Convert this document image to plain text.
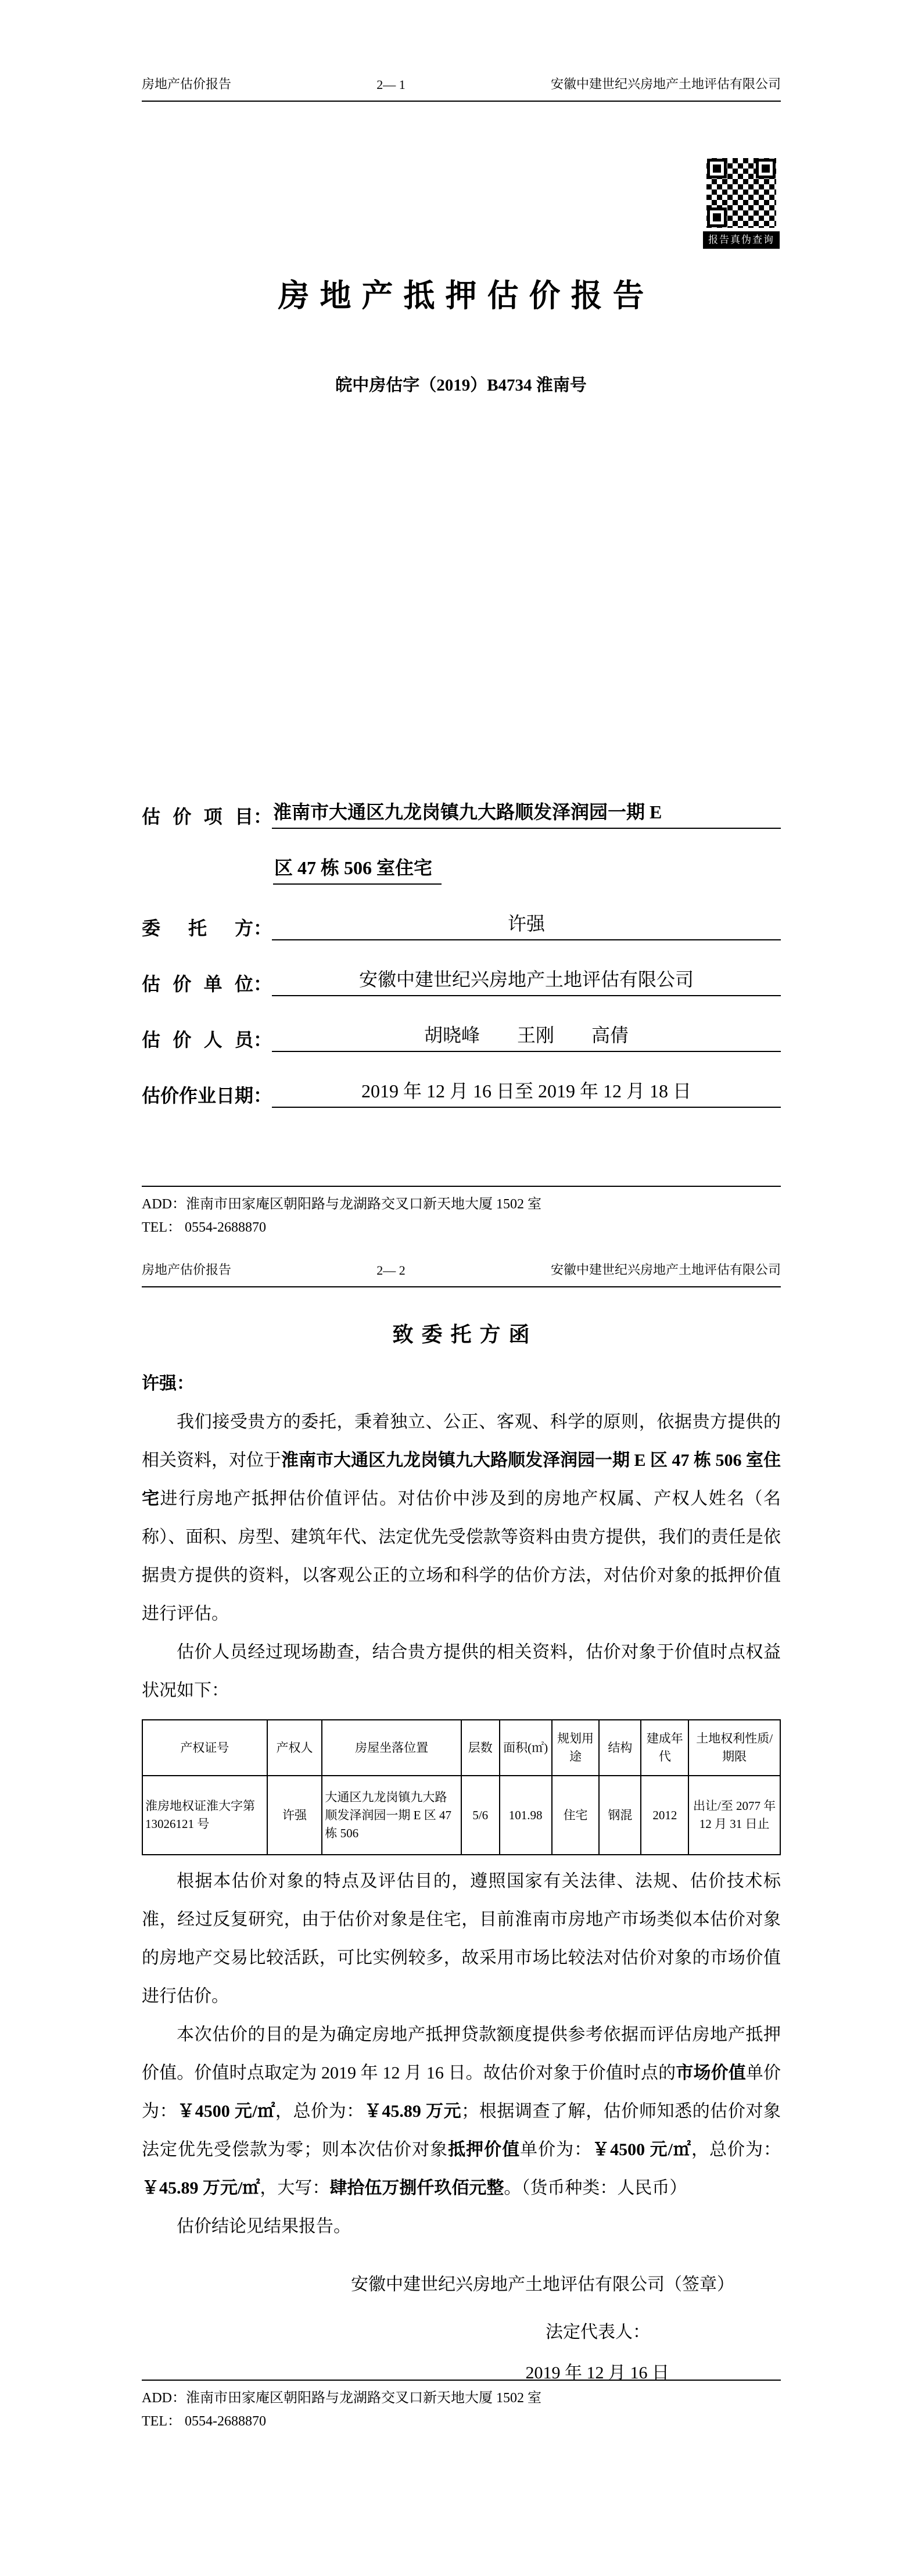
房地产估价报告	2— 1	安徽中建世纪兴房地产土地评估有限公司
报告真伪查询
房地产抵押估价报告
皖中房估字（2019）B4734 淮南号
估价项目： 淮南市大通区九龙岗镇九大路顺发泽润园一期 E
区 47 栋 506 室住宅
委托方：	许强
估价单位：	安徽中建世纪兴房地产土地评估有限公司
估价人员：	胡晓峰　　王刚　　高倩
估价作业日期：	2019 年 12 月 16 日至 2019 年 12 月 18 日
ADD：淮南市田家庵区朝阳路与龙湖路交叉口新天地大厦 1502 室
TEL： 0554-2688870
房地产估价报告	2— 2	安徽中建世纪兴房地产土地评估有限公司
致委托方函
许强：

我们接受贵方的委托，秉着独立、公正、客观、科学的原则，依据贵方提供的相关资料，对位于淮南市大通区九龙岗镇九大路顺发泽润园一期 E 区 47 栋 506 室住宅进行房地产抵押估价值评估。对估价中涉及到的房地产权属、产权人姓名（名称）、面积、房型、建筑年代、法定优先受偿款等资料由贵方提供，我们的责任是依据贵方提供的资料，以客观公正的立场和科学的估价方法，对估价对象的抵押价值进行评估。

估价人员经过现场勘查，结合贵方提供的相关资料，估价对象于价值时点权益状况如下：

产权证号	产权人	房屋坐落位置	层数	面积(㎡)	规划用途	结构	建成年代	土地权利性质/期限
淮房地权证淮大字第 13026121 号	许强	大通区九龙岗镇九大路顺发泽润园一期 E 区 47 栋 506	5/6	101.98	住宅	钢混	2012	出让/至 2077 年 12 月 31 日止

根据本估价对象的特点及评估目的，遵照国家有关法律、法规、估价技术标准，经过反复研究，由于估价对象是住宅，目前淮南市房地产市场类似本估价对象的房地产交易比较活跃，可比实例较多，故采用市场比较法对估价对象的市场价值进行估价。

本次估价的目的是为确定房地产抵押贷款额度提供参考依据而评估房地产抵押价值。价值时点取定为 2019 年 12 月 16 日。故估价对象于价值时点的市场价值单价为：￥4500 元/㎡，总价为：￥45.89 万元；根据调查了解，估价师知悉的估价对象法定优先受偿款为零；则本次估价对象抵押价值单价为：￥4500 元/㎡，总价为：￥45.89 万元/㎡，大写：肆拾伍万捌仟玖佰元整。（货币种类：人民币）

估价结论见结果报告。

安徽中建世纪兴房地产土地评估有限公司（签章）
法定代表人：
2019 年 12 月 16 日
ADD：淮南市田家庵区朝阳路与龙湖路交叉口新天地大厦 1502 室
TEL： 0554-2688870
